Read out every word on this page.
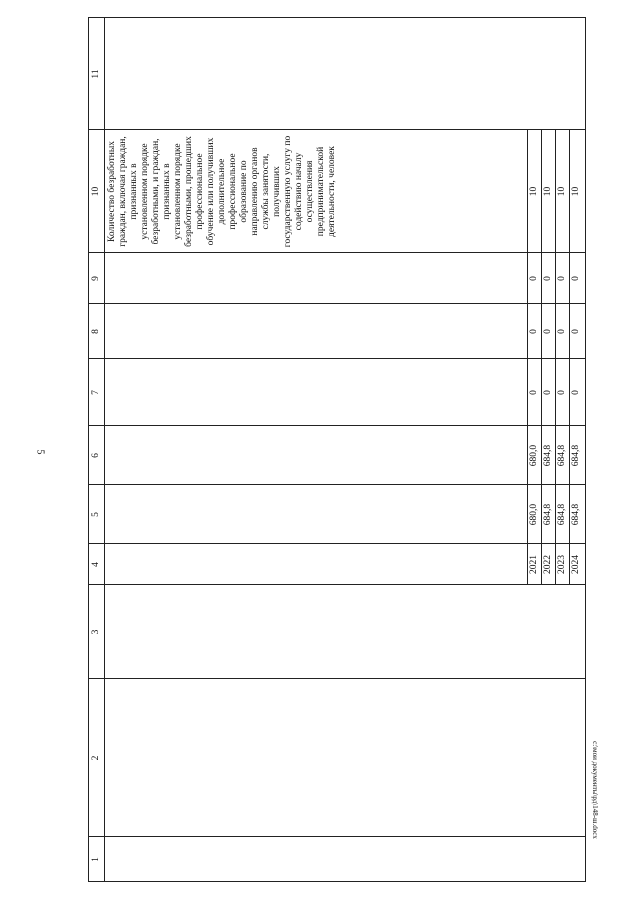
5
c:\мои документы\рд\148-ш.docx
1
2
3
4
5
6
7
8
9
10
11
Количество безработных граждан, включая граждан, признанных в установленном порядке безработными, и граждан, признанных в установленном порядке безработными, прошедших профессиональное обучение или получивших дополнительное профессиональное образование по направлению органов службы занятости, получивших государственную услугу по содействию началу осуществления предпринимательской деятельности, человек
2021
680,0
680,0
0
0
0
10
2022
684,8
684,8
0
0
0
10
2023
684,8
684,8
0
0
0
10
2024
684,8
684,8
0
0
0
10
